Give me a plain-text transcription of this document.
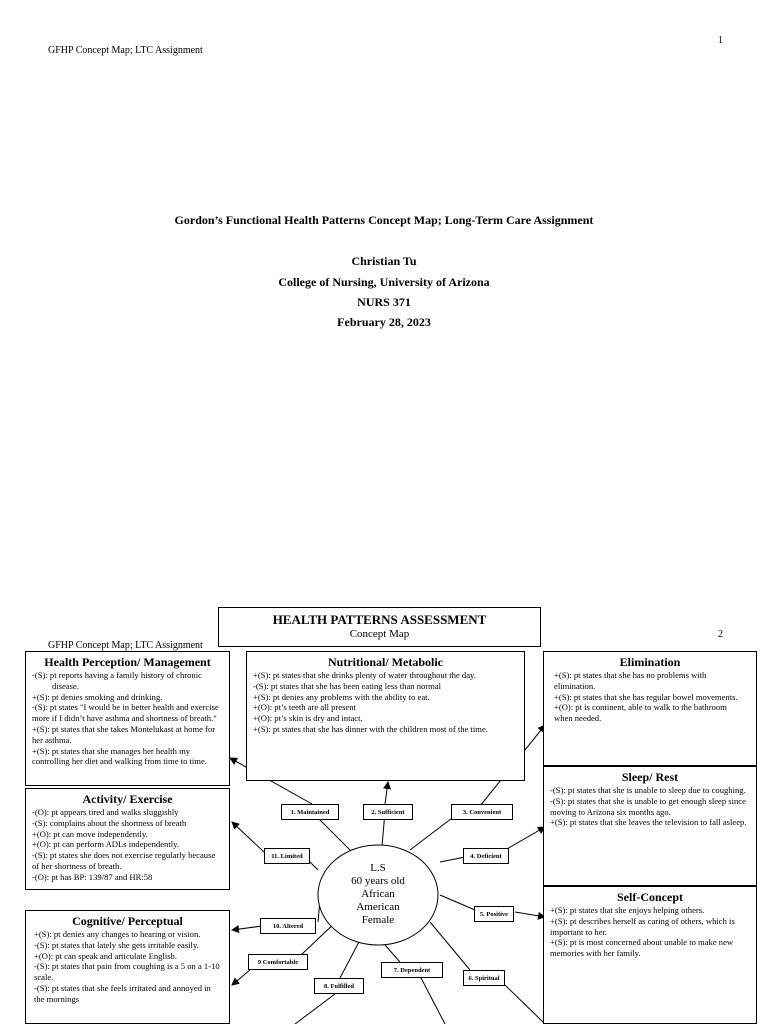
GFHP Concept Map; LTC Assignment
1
Gordon’s Functional Health Patterns Concept Map; Long-Term Care Assignment
Christian Tu
College of Nursing, University of Arizona
NURS 371
February 28, 2023
GFHP Concept Map; LTC Assignment
2
HEALTH PATTERNS ASSESSMENT
Concept Map
L.S
60 years old
African
American
Female
Health Perception/ Management

-(S): pt reports having a family history of chronic

disease.

+(S): pt denies smoking and drinking.

-(S): pt states "I would be in better health and exercise more if I didn’t have asthma and shortness of breath."

+(S): pt states that she takes Montelukast at home for her asthma.

+(S): pt states that she manages her health my controlling her diet and walking from time to time.

Nutritional/ Metabolic

+(S): pt states that she drinks plenty of water throughout the day.

-(S): pt states that she has been eating less than normal

+(S): pt denies any problems with the ability to eat.

+(O): pt’s teeth are all present

+(O): pt’s skin is dry and intact.

+(S): pt states that she has dinner with the children most of the time.

Elimination

+(S): pt states that she has no problems with elimination.

+(S): pt states that she has regular bowel movements.

+(O): pt is continent, able to walk to the bathroom when needed.

Activity/ Exercise

-(O): pt appears tired and walks sluggishly

-(S): complains about the shortness of breath

+(O): pt can move independently.

+(O): pt can perform ADLs independently.

-(S): pt states she does not exercise regularly because of her shortness of breath.

-(O): pt has BP: 139/87 and HR:58

Sleep/ Rest

-(S): pt states that she is unable to sleep due to coughing.

-(S): pt states that she is unable to get enough sleep since moving to Arizona six months ago.

+(S): pt states that she leaves the television to fall asleep.

Self-Concept

+(S): pt states that she enjoys helping others.

+(S): pt describes herself as caring of others, which is important to her.

+(S): pt is most concerned about unable to make new memories with her family.

Cognitive/ Perceptual

+(S): pt denies any changes to hearing or vision.

-(S): pt states that lately she gets irritable easily.

+(O): pt can speak and articulate English.

-(S): pt states that pain from coughing is a 5 on a 1-10 scale.

-(S): pt states that she feels irritated and annoyed in the mornings

1. Maintained	2. Sufficient	3. Convenient
11. Limited	4. Deficient
5. Positive
10. Altered
9 Comfortable
7. Dependent
6. Spiritual
8. Fulfilled
